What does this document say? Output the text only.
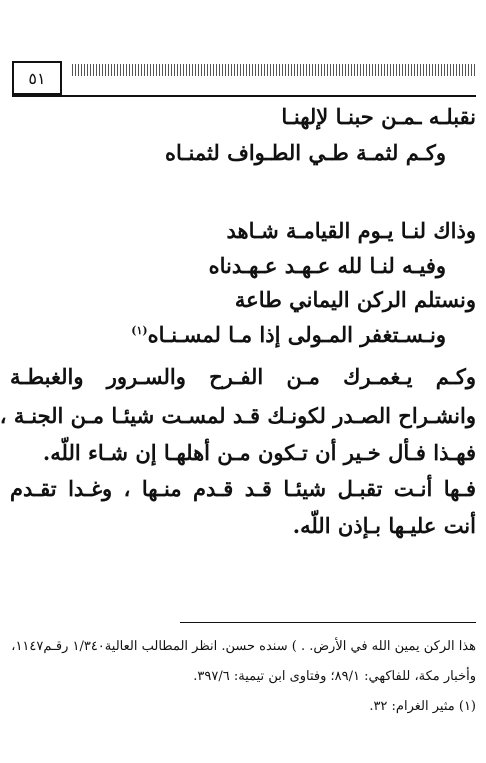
٥١
نقبلـه ـمـن حبنـا لإلهنـا
وكـم لثمـة طـي الطـواف لثمنـاه
وذاك لنـا يـوم القيامـة شـاهد
وفيـه لنـا لله عـهـد عـهـدناه
ونستلم الركن اليماني طاعة
ونـسـتغفر المـولى إذا مـا لمسـنـاه$^{(١)}$
وكـم يـغمـرك مـن الفـرح والسـرور والغبطـة
وانشـراح الصـدر لكونـك قـد لمسـت شيئـا مـن الجنـة ،
فهـذا فـأل خـير أن تـكون مـن أهلهـا إن شـاء اللّه.
فـها أنـت تقبـل شيئـا قـد قـدم منـها ، وغـدا تقـدم
أنت عليـها بـإذن اللّه.
هذا الركن يمين الله في الأرض. . ) سنده حسن. انظر المطالب العالية١/٣٤٠ رقـم١١٤٧،
وأخبار مكة، للفاكهي: ٨٩/١؛ وفتاوى ابن تيمية: ٣٩٧/٦.
(١) مثير الغرام: ٣٢.
